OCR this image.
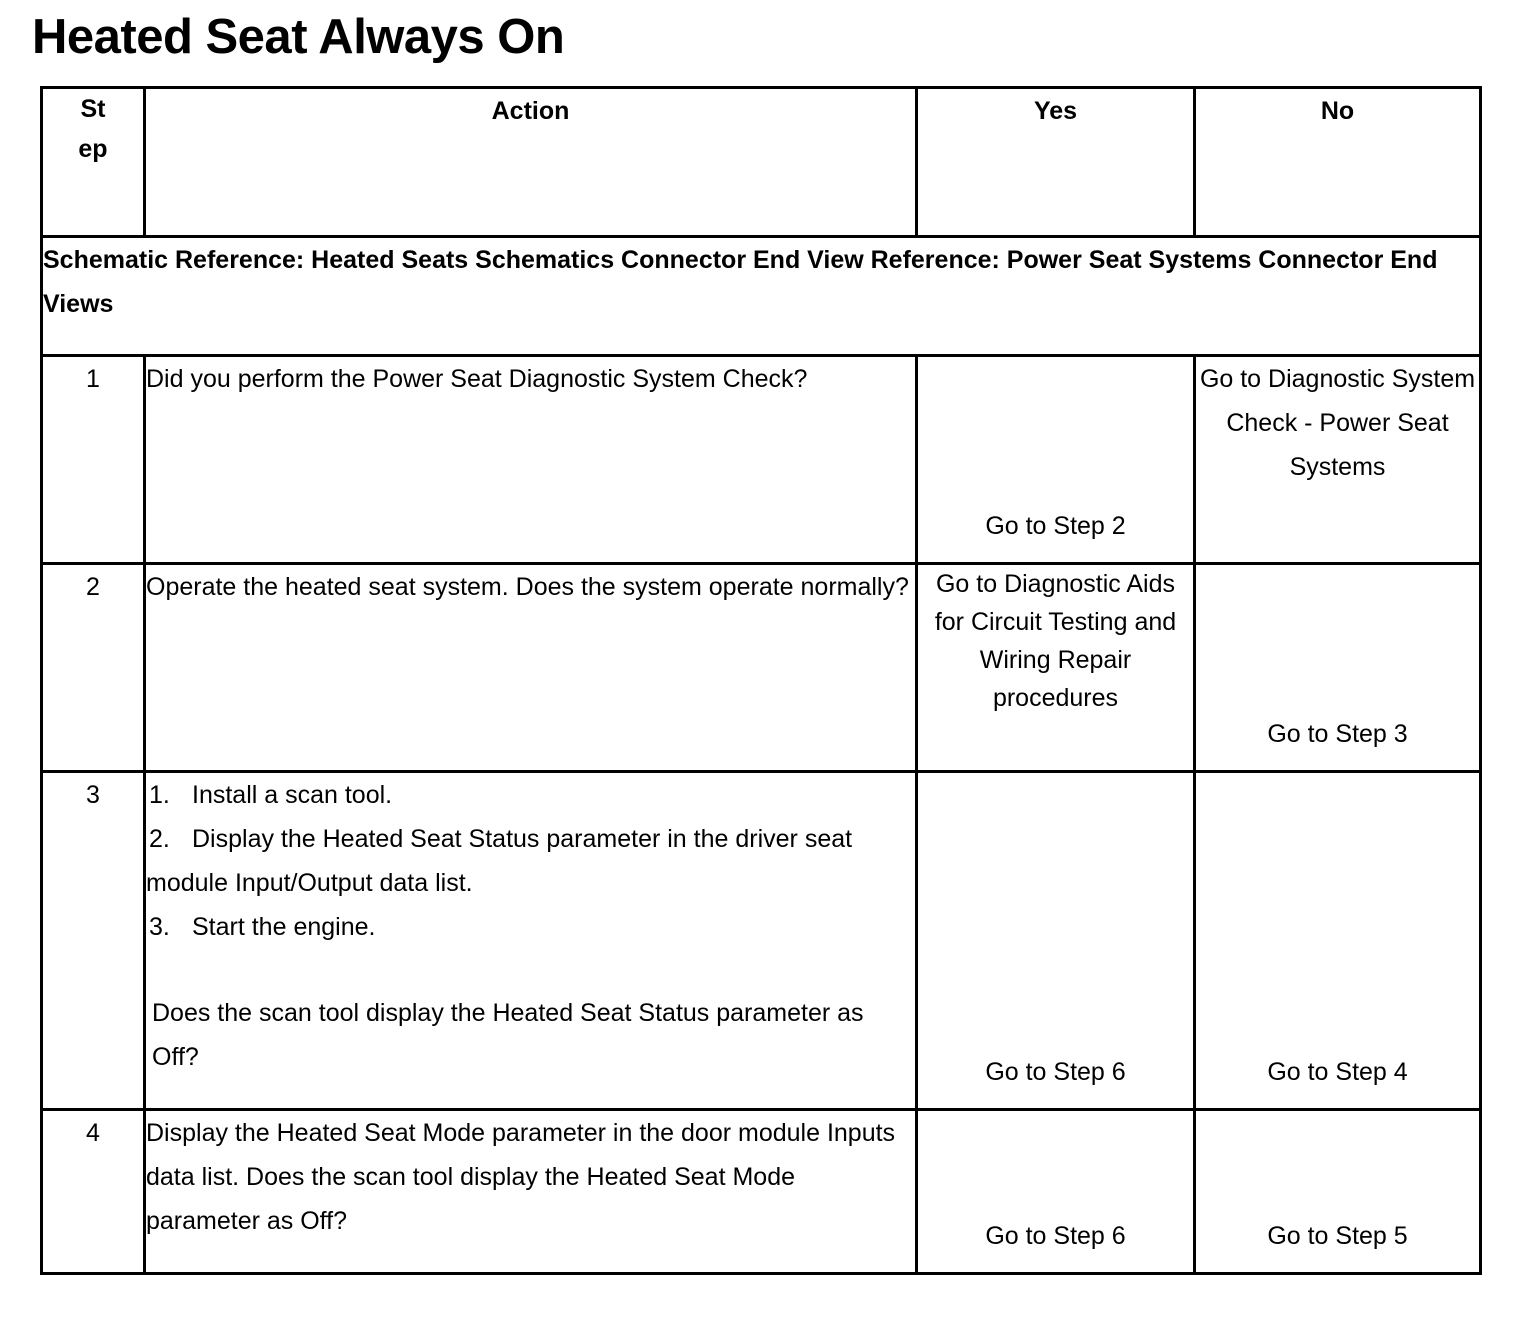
Heated Seat Always On
St
ep	Action	Yes	No
Schematic Reference: Heated Seats Schematics Connector End View Reference: Power Seat Systems Connector End Views			
1	Did you perform the Power Seat Diagnostic System Check?	Go to Step 2	Go to Diagnostic System Check - Power Seat Systems
2	Operate the heated seat system. Does the system operate normally?	Go to Diagnostic Aids for Circuit Testing and Wiring Repair procedures	Go to Step 3

3	1. Install a scan tool.
2. Display the Heated Seat Status parameter in the driver seat module Input/Output data list.
3. Start the engine.
Does the scan tool display the Heated Seat Status parameter as Off?	Go to Step 6	Go to Step 4

4	Display the Heated Seat Mode parameter in the door module Inputs data list. Does the scan tool display the Heated Seat Mode parameter as Off?	Go to Step 6	Go to Step 5
